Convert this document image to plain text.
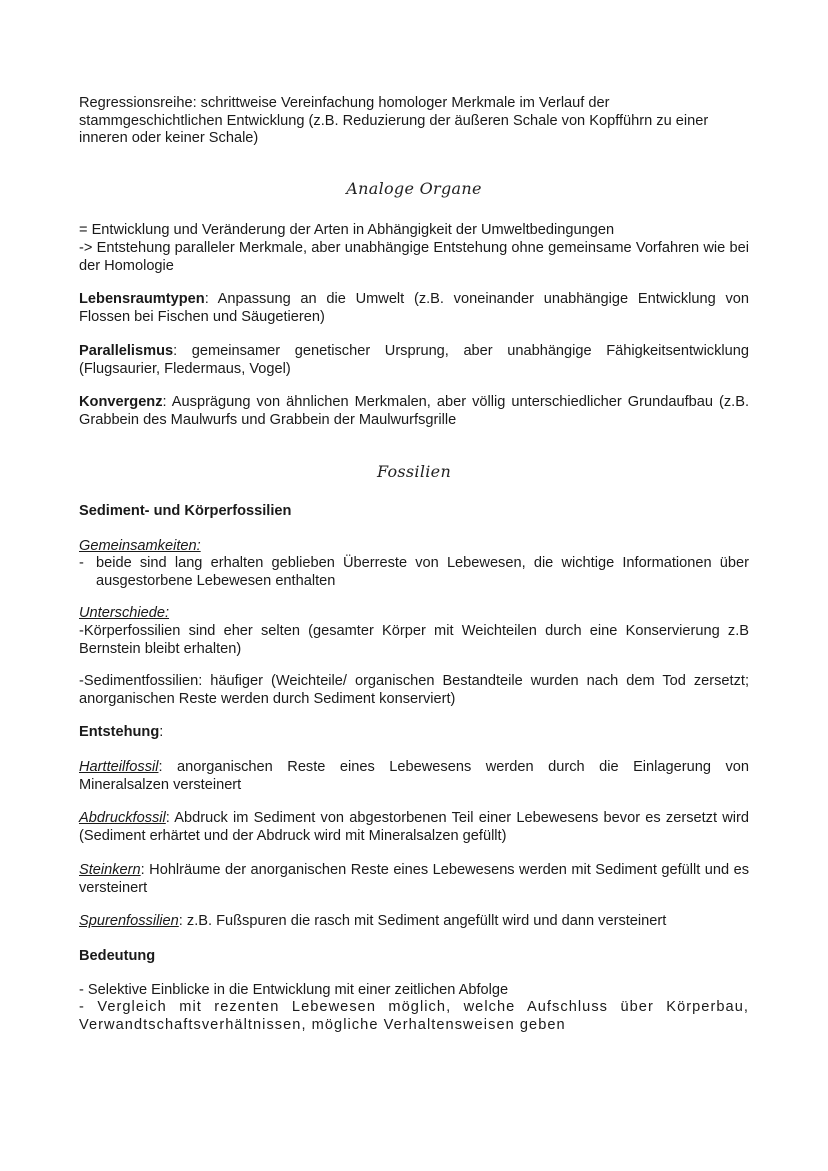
Regressionsreihe: schrittweise Vereinfachung homologer Merkmale im Verlauf der stammgeschichtlichen Entwicklung (z.B. Reduzierung der äußeren Schale von Kopfführn zu einer inneren oder keiner Schale)

Analoge Organe

= Entwicklung und Veränderung der Arten in Abhängigkeit der Umweltbedingungen

-> Entstehung paralleler Merkmale, aber unabhängige Entstehung ohne gemeinsame Vorfahren wie bei der Homologie

Lebensraumtypen: Anpassung an die Umwelt (z.B. voneinander unabhängige Entwicklung von Flossen bei Fischen und Säugetieren)

Parallelismus: gemeinsamer genetischer Ursprung, aber unabhängige Fähigkeitsentwicklung (Flugsaurier, Fledermaus, Vogel)

Konvergenz: Ausprägung von ähnlichen Merkmalen, aber völlig unterschiedlicher Grundaufbau (z.B. Grabbein des Maulwurfs und Grabbein der Maulwurfsgrille

Fossilien

Sediment- und Körperfossilien

Gemeinsamkeiten:

- beide sind lang erhalten geblieben Überreste von Lebewesen, die wichtige Informationen über ausgestorbene Lebewesen enthalten

Unterschiede:

-Körperfossilien sind eher selten (gesamter Körper mit Weichteilen durch eine Konservierung z.B Bernstein bleibt erhalten)

-Sedimentfossilien: häufiger (Weichteile/ organischen Bestandteile wurden nach dem Tod zersetzt; anorganischen Reste werden durch Sediment konserviert)

Entstehung:

Hartteilfossil: anorganischen Reste eines Lebewesens werden durch die Einlagerung von Mineralsalzen versteinert

Abdruckfossil: Abdruck im Sediment von abgestorbenen Teil einer Lebewesens bevor es zersetzt wird (Sediment erhärtet und der Abdruck wird mit Mineralsalzen gefüllt)

Steinkern: Hohlräume der anorganischen Reste eines Lebewesens werden mit Sediment gefüllt und es versteinert

Spurenfossilien: z.B. Fußspuren die rasch mit Sediment angefüllt wird und dann versteinert

Bedeutung

- Selektive Einblicke in die Entwicklung mit einer zeitlichen Abfolge

- Vergleich mit rezenten Lebewesen möglich, welche Aufschluss über Körperbau, Verwandtschaftsverhältnissen, mögliche Verhaltensweisen geben
